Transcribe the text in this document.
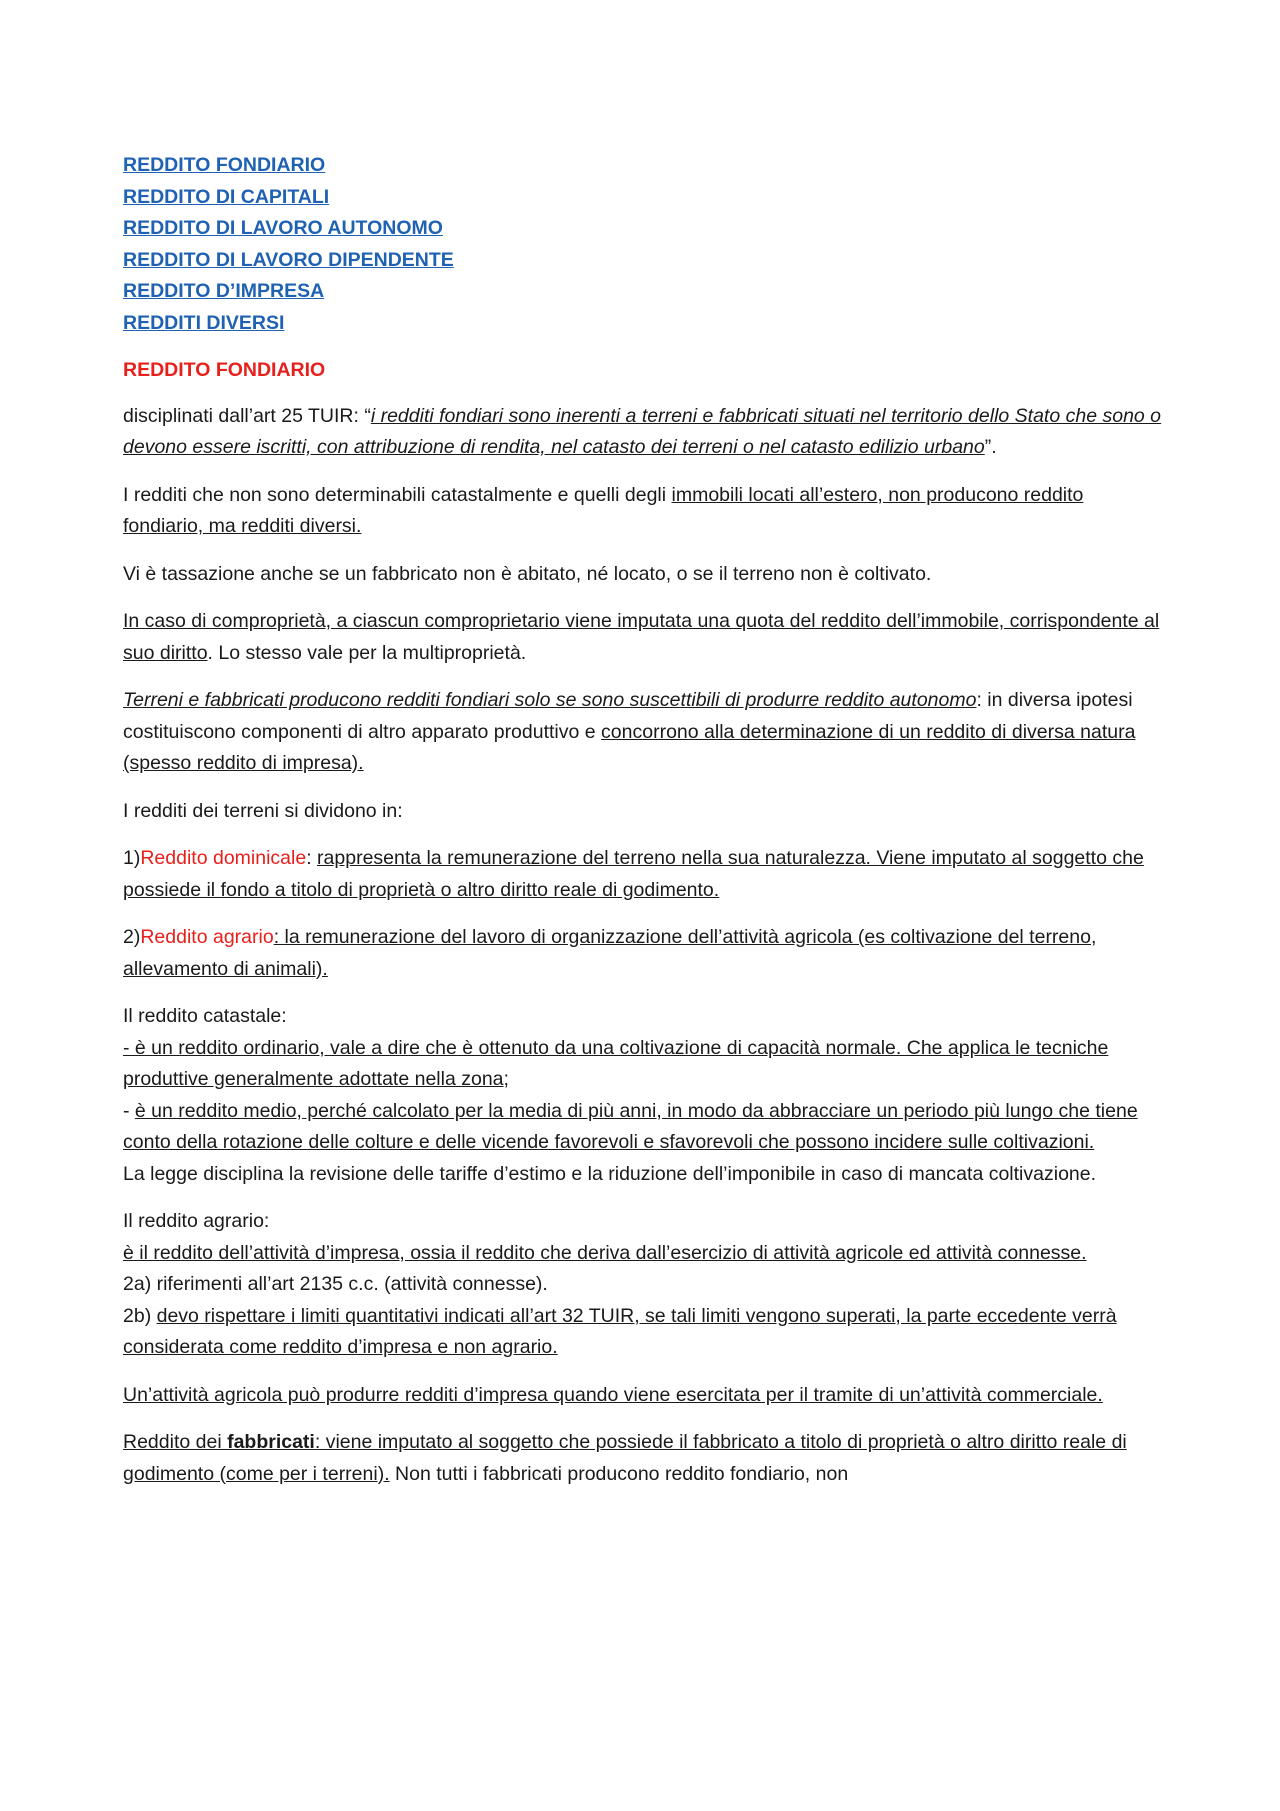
REDDITO FONDIARIO
REDDITO DI CAPITALI
REDDITO DI LAVORO AUTONOMO
REDDITO DI LAVORO DIPENDENTE
REDDITO D’IMPRESA
REDDITI DIVERSI
REDDITO FONDIARIO

disciplinati dall’art 25 TUIR: “i redditi fondiari sono inerenti a terreni e fabbricati situati nel territorio dello Stato che sono o devono essere iscritti, con attribuzione di rendita, nel catasto dei terreni o nel catasto edilizio urbano”.

I redditi che non sono determinabili catastalmente e quelli degli immobili locati all’estero, non producono reddito fondiario, ma redditi diversi.

Vi è tassazione anche se un fabbricato non è abitato, né locato, o se il terreno non è coltivato.

In caso di comproprietà, a ciascun comproprietario viene imputata una quota del reddito dell’immobile, corrispondente al suo diritto. Lo stesso vale per la multiproprietà.

Terreni e fabbricati producono redditi fondiari solo se sono suscettibili di produrre reddito autonomo: in diversa ipotesi costituiscono componenti di altro apparato produttivo e concorrono alla determinazione di un reddito di diversa natura (spesso reddito di impresa).

I redditi dei terreni si dividono in:

1)Reddito dominicale: rappresenta la remunerazione del terreno nella sua naturalezza. Viene imputato al soggetto che possiede il fondo a titolo di proprietà o altro diritto reale di godimento.

2)Reddito agrario: la remunerazione del lavoro di organizzazione dell’attività agricola (es coltivazione del terreno, allevamento di animali).

Il reddito catastale:
- è un reddito ordinario, vale a dire che è ottenuto da una coltivazione di capacità normale. Che applica le tecniche produttive generalmente adottate nella zona;
- è un reddito medio, perché calcolato per la media di più anni, in modo da abbracciare un periodo più lungo che tiene conto della rotazione delle colture e delle vicende favorevoli e sfavorevoli che possono incidere sulle coltivazioni.
La legge disciplina la revisione delle tariffe d’estimo e la riduzione dell’imponibile in caso di mancata coltivazione.
Il reddito agrario:
è il reddito dell’attività d’impresa, ossia il reddito che deriva dall’esercizio di attività agricole ed attività connesse.
2a) riferimenti all’art 2135 c.c. (attività connesse).
2b) devo rispettare i limiti quantitativi indicati all’art 32 TUIR, se tali limiti vengono superati, la parte eccedente verrà considerata come reddito d’impresa e non agrario.

Un’attività agricola può produrre redditi d’impresa quando viene esercitata per il tramite di un’attività commerciale.

Reddito dei fabbricati: viene imputato al soggetto che possiede il fabbricato a titolo di proprietà o altro diritto reale di godimento (come per i terreni). Non tutti i fabbricati producono reddito fondiario, non
